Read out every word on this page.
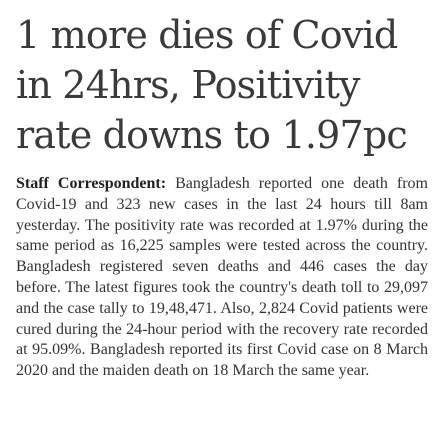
1 more dies of Covid
in 24hrs, Positivity
rate downs to 1.97pc

Staff Correspondent: Bangladesh reported one death from Covid-19 and 323 new cases in the last 24 hours till 8am yesterday. The positivity rate was recorded at 1.97% during the same period as 16,225 samples were tested across the country. Bangladesh registered seven deaths and 446 cases the day before. The latest figures took the country's death toll to 29,097 and the case tally to 19,48,471. Also, 2,824 Covid patients were cured during the 24-hour period with the recovery rate recorded at 95.09%. Bangladesh reported its first Covid case on 8 March 2020 and the maiden death on 18 March the same year.
